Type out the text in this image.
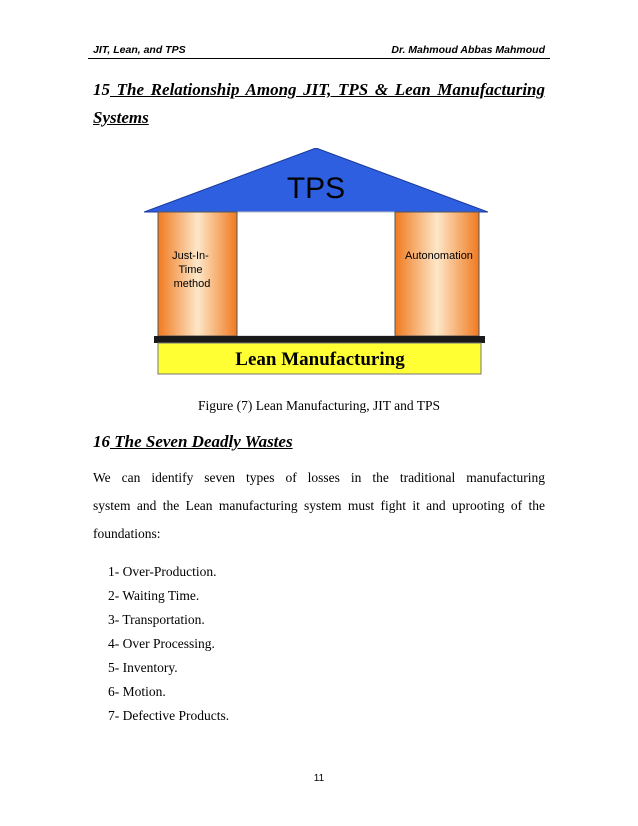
JIT, Lean, and TPS	Dr. Mahmoud Abbas Mahmoud
15 The Relationship Among JIT, TPS & Lean Manufacturing
Systems
TPS
Just-In- Time method
Autonomation
Lean Manufacturing
Figure (7) Lean Manufacturing, JIT and TPS
16 The Seven Deadly Wastes
We can identify seven types of losses in the traditional manufacturing
system and the Lean manufacturing system must fight it and uprooting of the
foundations:
1- Over-Production.
2- Waiting Time.
3- Transportation.
4- Over Processing.
5- Inventory.
6- Motion.
7- Defective Products.
11
